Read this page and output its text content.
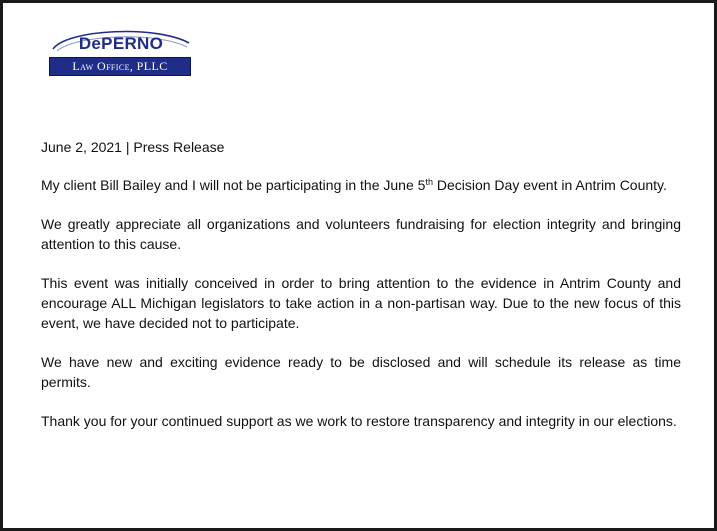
DePERNO
Law Office, PLLC

June 2, 2021 | Press Release

My client Bill Bailey and I will not be participating in the June 5th Decision Day event in Antrim County.

We greatly appreciate all organizations and volunteers fundraising for election integrity and bringing attention to this cause.

This event was initially conceived in order to bring attention to the evidence in Antrim County and encourage ALL Michigan legislators to take action in a non-partisan way. Due to the new focus of this event, we have decided not to participate.

We have new and exciting evidence ready to be disclosed and will schedule its release as time permits.

Thank you for your continued support as we work to restore transparency and integrity in our elections.
